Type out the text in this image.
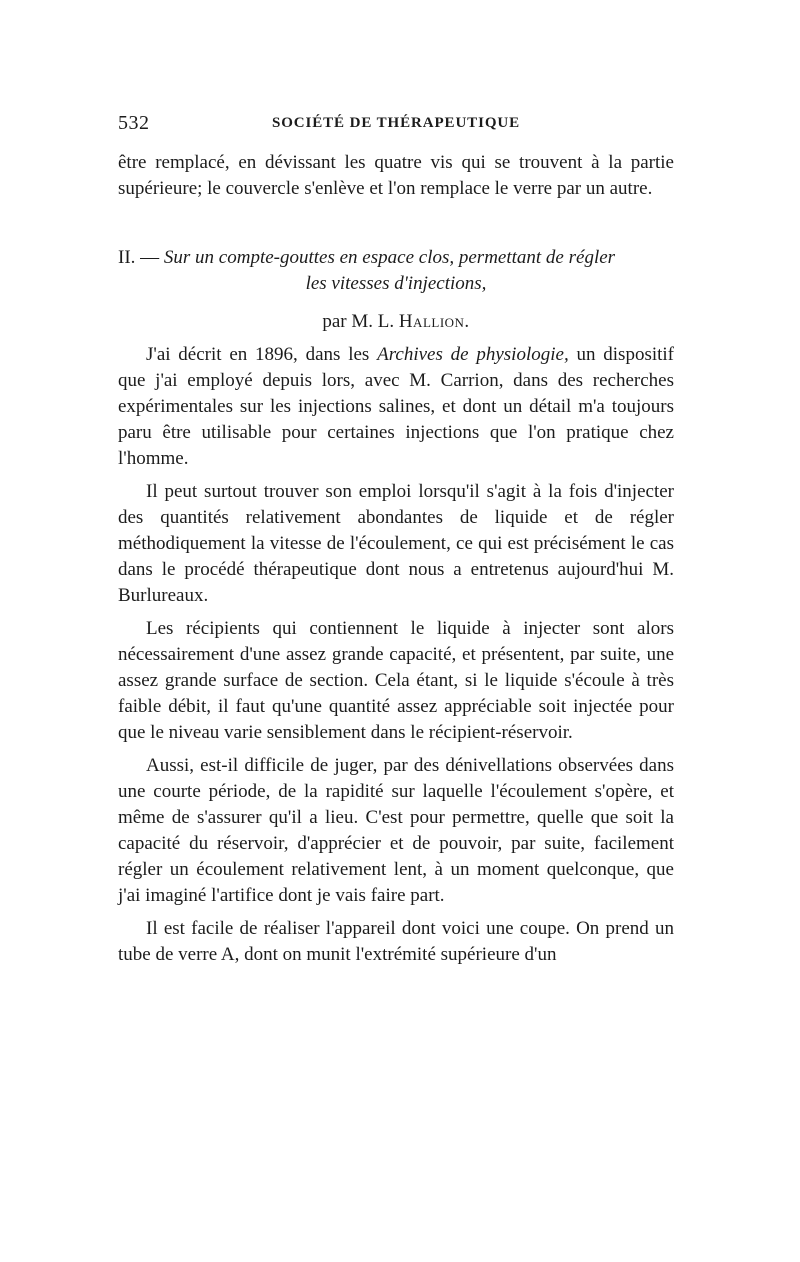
532	SOCIÉTÉ DE THÉRAPEUTIQUE

être remplacé, en dévissant les quatre vis qui se trouvent à la partie supérieure; le couvercle s'enlève et l'on remplace le verre par un autre.

II. — Sur un compte-gouttes en espace clos, permettant de régler
les vitesses d'injections,
par M. L. Hallion.

J'ai décrit en 1896, dans les Archives de physiologie, un dispositif que j'ai employé depuis lors, avec M. Carrion, dans des recherches expérimentales sur les injections salines, et dont un détail m'a toujours paru être utilisable pour certaines injections que l'on pratique chez l'homme.

Il peut surtout trouver son emploi lorsqu'il s'agit à la fois d'injecter des quantités relativement abondantes de liquide et de régler méthodiquement la vitesse de l'écoulement, ce qui est précisément le cas dans le procédé thérapeutique dont nous a entretenus aujourd'hui M. Burlureaux.

Les récipients qui contiennent le liquide à injecter sont alors nécessairement d'une assez grande capacité, et présentent, par suite, une assez grande surface de section. Cela étant, si le liquide s'écoule à très faible débit, il faut qu'une quantité assez appréciable soit injectée pour que le niveau varie sensiblement dans le récipient-réservoir.

Aussi, est-il difficile de juger, par des dénivellations observées dans une courte période, de la rapidité sur laquelle l'écoulement s'opère, et même de s'assurer qu'il a lieu. C'est pour permettre, quelle que soit la capacité du réservoir, d'apprécier et de pouvoir, par suite, facilement régler un écoulement relativement lent, à un moment quelconque, que j'ai imaginé l'artifice dont je vais faire part.

Il est facile de réaliser l'appareil dont voici une coupe. On prend un tube de verre A, dont on munit l'extrémité supérieure d'un
